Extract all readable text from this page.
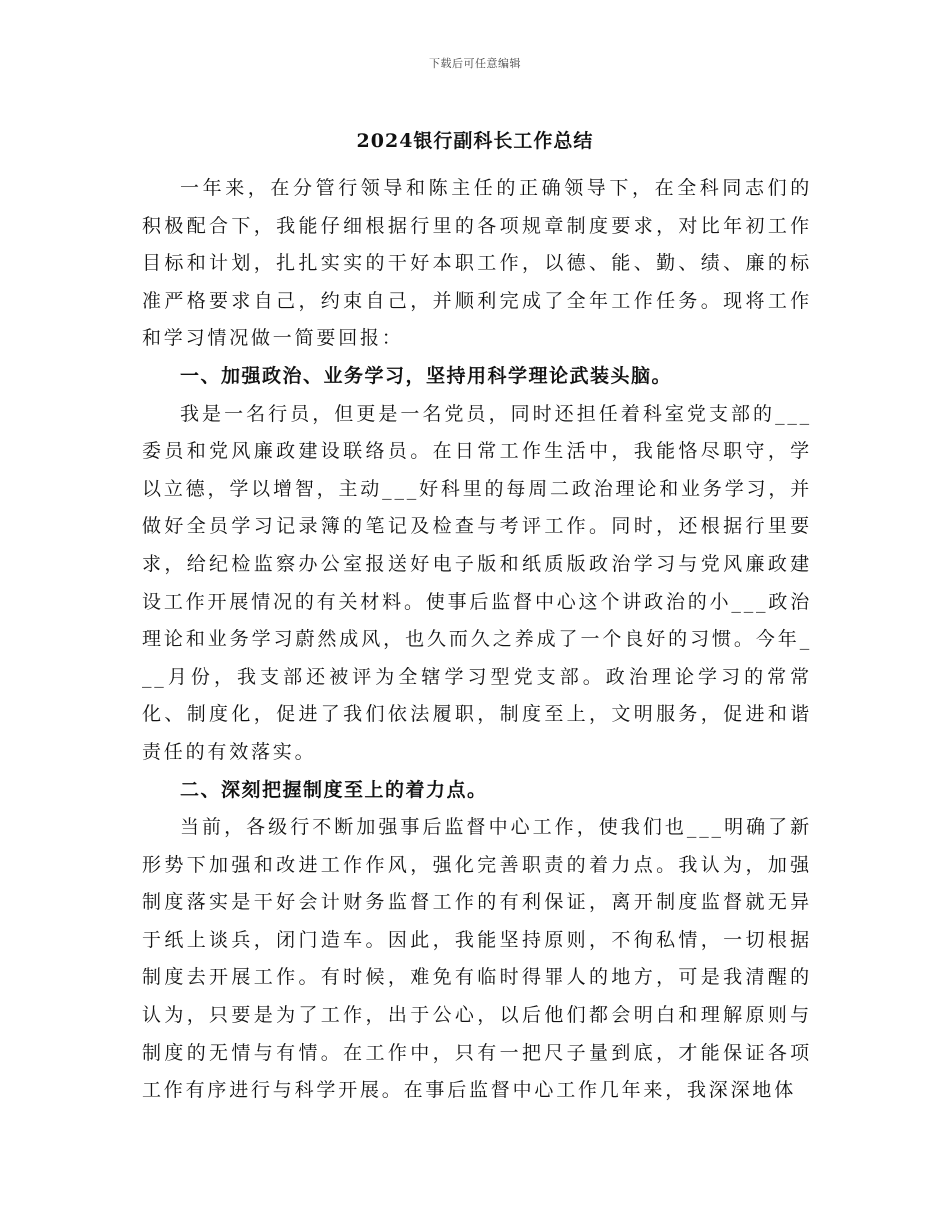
下载后可任意编辑
2024银行副科长工作总结

一年来，在分管行领导和陈主任的正确领导下，在全科同志们的积极配合下，我能仔细根据行里的各项规章制度要求，对比年初工作目标和计划，扎扎实实的干好本职工作，以德、能、勤、绩、廉的标准严格要求自己，约束自己，并顺利完成了全年工作任务。现将工作和学习情况做一简要回报：

一、加强政治、业务学习，坚持用科学理论武装头脑。

我是一名行员，但更是一名党员，同时还担任着科室党支部的___委员和党风廉政建设联络员。在日常工作生活中，我能恪尽职守，学以立德，学以增智，主动___好科里的每周二政治理论和业务学习，并做好全员学习记录簿的笔记及检查与考评工作。同时，还根据行里要求，给纪检监察办公室报送好电子版和纸质版政治学习与党风廉政建设工作开展情况的有关材料。使事后监督中心这个讲政治的小___政治理论和业务学习蔚然成风，也久而久之养成了一个良好的习惯。今年___月份，我支部还被评为全辖学习型党支部。政治理论学习的常常化、制度化，促进了我们依法履职，制度至上，文明服务，促进和谐责任的有效落实。

二、深刻把握制度至上的着力点。

当前，各级行不断加强事后监督中心工作，使我们也___明确了新形势下加强和改进工作作风，强化完善职责的着力点。我认为，加强制度落实是干好会计财务监督工作的有利保证，离开制度监督就无异于纸上谈兵，闭门造车。因此，我能坚持原则，不徇私情，一切根据制度去开展工作。有时候，难免有临时得罪人的地方，可是我清醒的认为，只要是为了工作，出于公心，以后他们都会明白和理解原则与制度的无情与有情。在工作中，只有一把尺子量到底，才能保证各项工作有序进行与科学开展。在事后监督中心工作几年来，我深深地体
